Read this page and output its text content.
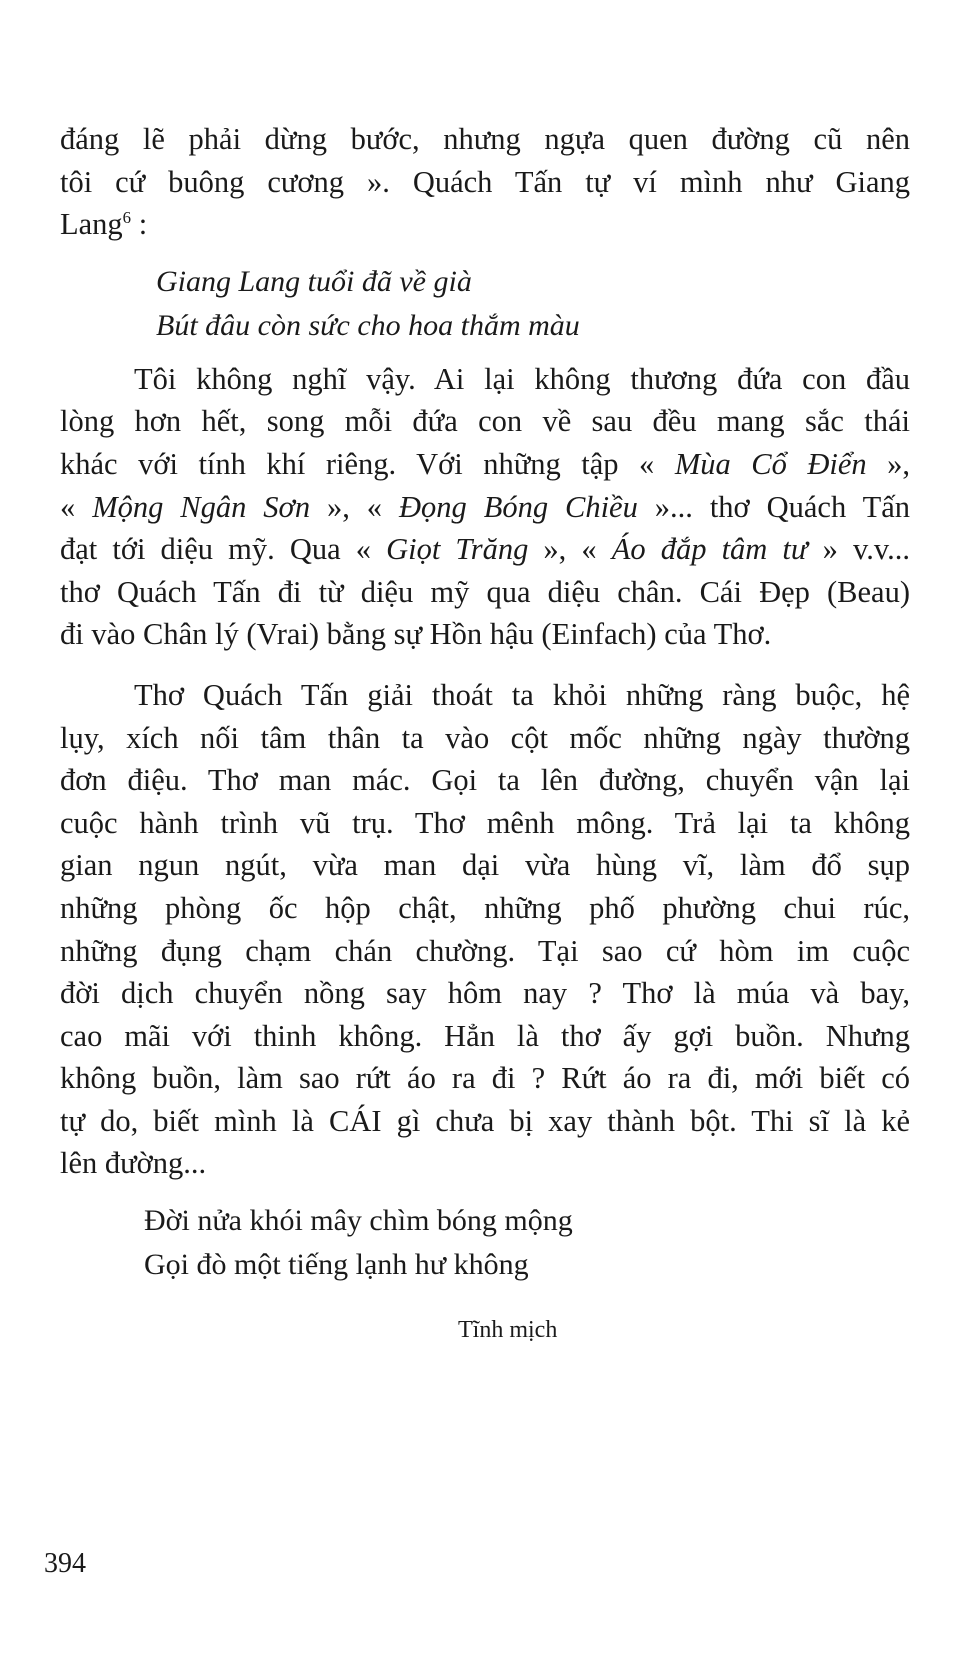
đáng lẽ phải dừng bước, nhưng ngựa quen đường cũ nên
tôi cứ buông cương ». Quách Tấn tự ví mình như Giang
Lang$^6$ :

Giang Lang tuổi đã về già
Bút đâu còn sức cho hoa thắm màu

Tôi không nghĩ vậy. Ai lại không thương đứa con đầu
lòng hơn hết, song mỗi đứa con về sau đều mang sắc thái
khác với tính khí riêng. Với những tập « Mùa Cổ Điển »,
« Mộng Ngân Sơn », « Đọng Bóng Chiều »... thơ Quách Tấn
đạt tới diệu mỹ. Qua « Giọt Trăng », « Áo đắp tâm tư » v.v...
thơ Quách Tấn đi từ diệu mỹ qua diệu chân. Cái Đẹp (Beau)
đi vào Chân lý (Vrai) bằng sự Hồn hậu (Einfach) của Thơ.

Thơ Quách Tấn giải thoát ta khỏi những ràng buộc, hệ
lụy, xích nối tâm thân ta vào cột mốc những ngày thường
đơn điệu. Thơ man mác. Gọi ta lên đường, chuyển vận lại
cuộc hành trình vũ trụ. Thơ mênh mông. Trả lại ta không
gian ngun ngút, vừa man dại vừa hùng vĩ, làm đổ sụp
những phòng ốc hộp chật, những phố phường chui rúc,
những đụng chạm chán chường. Tại sao cứ hòm im cuộc
đời dịch chuyển nồng say hôm nay ? Thơ là múa và bay,
cao mãi với thinh không. Hẳn là thơ ấy gợi buồn. Nhưng
không buồn, làm sao rứt áo ra đi ? Rứt áo ra đi, mới biết có
tự do, biết mình là CÁI gì chưa bị xay thành bột. Thi sĩ là kẻ
lên đường...

Đời nửa khói mây chìm bóng mộng
Gọi đò một tiếng lạnh hư không
Tĩnh mịch
394
